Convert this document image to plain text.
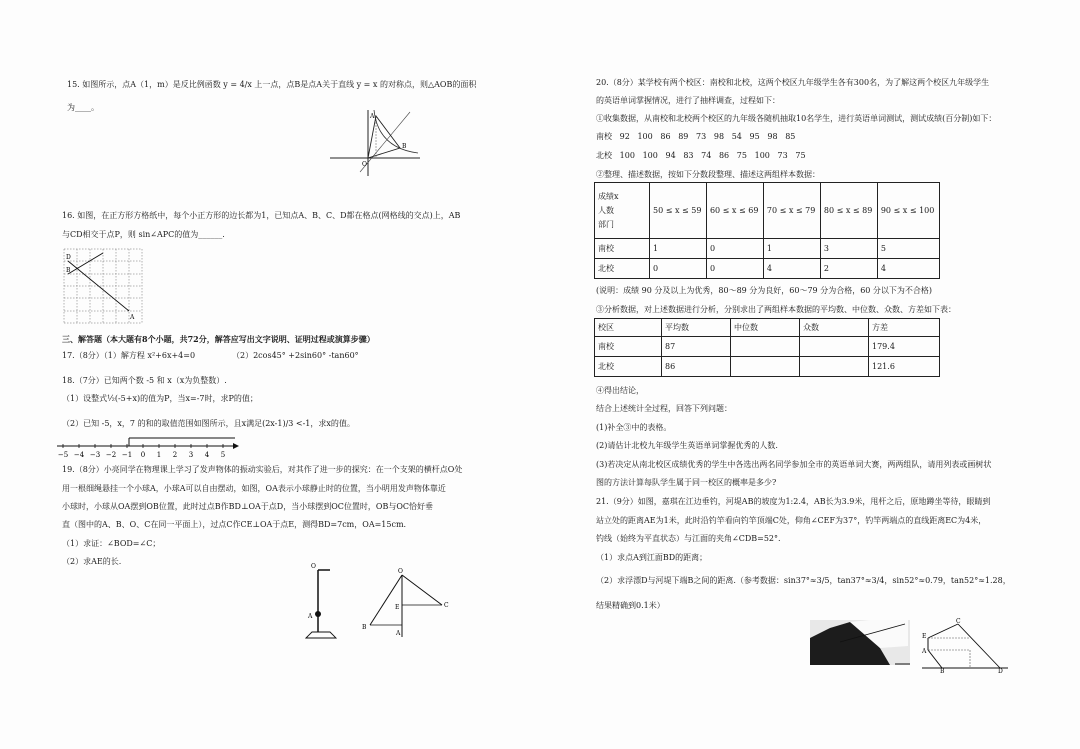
15. 如图所示，点A（1，m）是反比例函数 y = 4/x 上一点，点B是点A关于直线 y = x 的对称点，则△AOB的面积
为____。
A
B
O
16. 如图，在正方形方格纸中，每个小正方形的边长都为1，已知点A、B、C、D都在格点(网格线的交点)上，AB
与CD相交于点P，则 sin∠APC的值为______.
D
B
A
三、解答题（本大题有8个小题，共72分，解答应写出文字说明、证明过程或演算步骤）
17.（8分）（1）解方程 x²+6x+4=0	（2）2cos45° +2sin60° -tan60°
18.（7分）已知两个数 -5 和 x（x为负整数）.
（1）设整式½(-5+x)的值为P，当x=-7时，求P的值；
（2）已知 -5，x，7 的和的取值范围如图所示，且x满足(2x-1)/3 <-1，求x的值。
−5 −4 −3 −2 −1 0 1 2 3 4 5
19.（8分）小亮同学在物理课上学习了发声物体的振动实验后，对其作了进一步的探究：在一个支架的横杆点O处
用一根细绳悬挂一个小球A，小球A可以自由摆动，如图，OA表示小球静止时的位置，当小明用发声物体靠近
小球时，小球从OA摆到OB位置，此时过点B作BD⊥OA于点D，当小球摆到OC位置时，OB与OC恰好垂
直（图中的A、B、O、C在同一平面上），过点C作CE⊥OA于点E，测得BD=7cm，OA=15cm.
（1）求证：∠BOD=∠C；
（2）求AE的长.
O
A
O
C
E
B
A
20.（8分）某学校有两个校区：南校和北校，这两个校区九年级学生各有300名，为了解这两个校区九年级学生
的英语单词掌握情况，进行了抽样调查，过程如下：
①收集数据，从南校和北校两个校区的九年级各随机抽取10名学生，进行英语单词测试，测试成绩(百分制)如下：
南校 92 100 86 89 73 98 54 95 98 85
北校 100 100 94 83 74 86 75 100 73 75
②整理、描述数据，按如下分数段整理、描述这两组样本数据：
成绩x
人数
部门	50 ≤ x ≤ 59	60 ≤ x ≤ 69	70 ≤ x ≤ 79	80 ≤ x ≤ 89	90 ≤ x ≤ 100
南校	1	0	1	3	5
北校	0	0	4	2	4
(说明：成绩 90 分及以上为优秀，80～89 分为良好，60～79 分为合格，60 分以下为不合格)
③分析数据，对上述数据进行分析，分别求出了两组样本数据的平均数、中位数、众数、方差如下表：
校区	平均数	中位数	众数	方差
南校	87			179.4
北校	86			121.6
④得出结论，
结合上述统计全过程，回答下列问题：
(1)补全③中的表格。
(2)请估计北校九年级学生英语单词掌握优秀的人数.
(3)若决定从南北校区成绩优秀的学生中各选出两名同学参加全市的英语单词大赛，两两组队，请用列表或画树状
图的方法计算每队学生属于同一校区的概率是多少?
21.（9分）如图，嘉琪在江边垂钓，河堤AB的坡度为1:2.4，AB长为3.9米，甩杆之后，原地蹲坐等待，眼睛到
站立处的距离AE为1米，此时沿钓竿看向钓竿顶端C处，仰角∠CEF为37°，钓竿两端点的直线距离EC为4米，
钓线（始终为平直状态）与江面的夹角∠CDB=52°.
（1）求点A到江面BD的距离；
（2）求浮漂D与河堤下端B之间的距离.（参考数据：sin37°≈3/5，tan37°≈3/4，sin52°≈0.79，tan52°≈1.28，
结果精确到0.1米）
C
E
A
B	D
